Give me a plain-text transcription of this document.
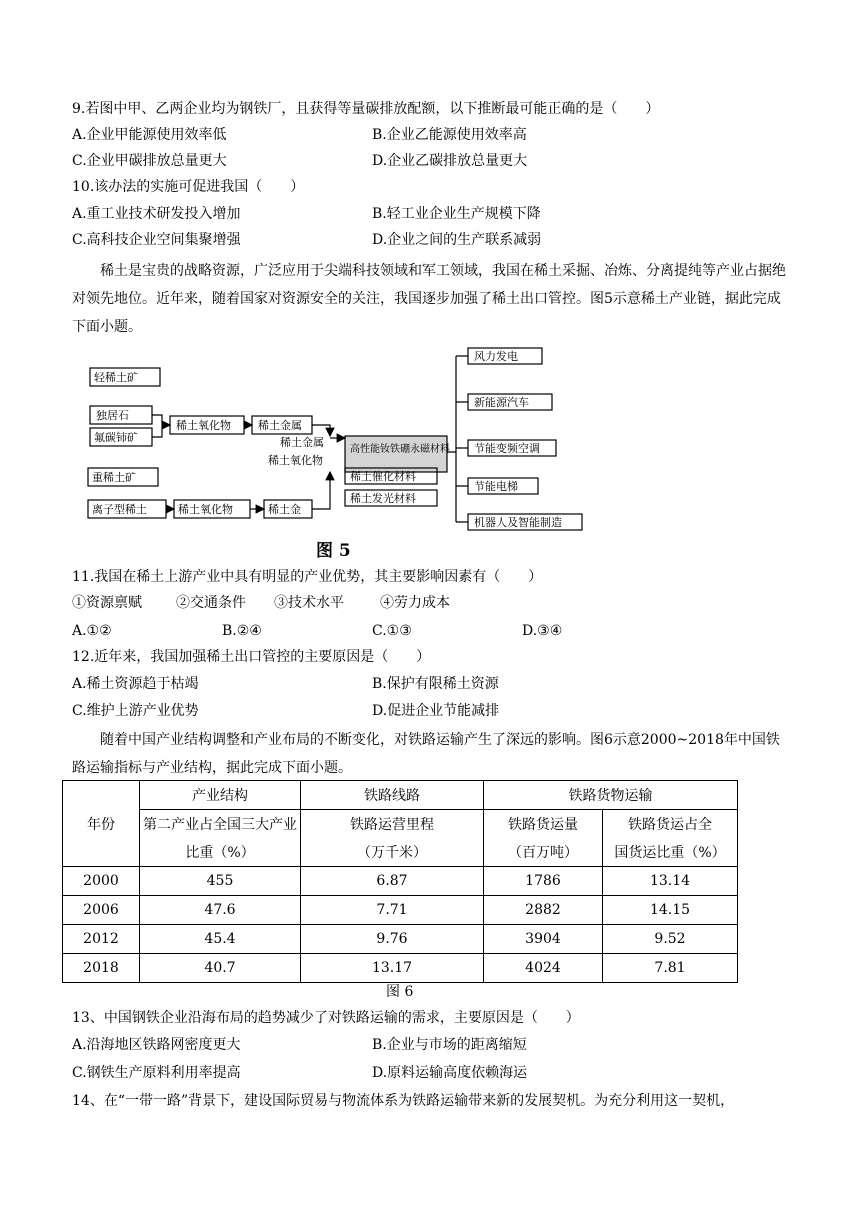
9.若图中甲、乙两企业均为钢铁厂，且获得等量碳排放配额，以下推断最可能正确的是（　　）
A.企业甲能源使用效率低	B.企业乙能源使用效率高
C.企业甲碳排放总量更大	D.企业乙碳排放总量更大
10.该办法的实施可促进我国（　　）
A.重工业技术研发投入增加	B.轻工业企业生产规模下降
C.高科技企业空间集聚增强	D.企业之间的生产联系减弱
稀土是宝贵的战略资源，广泛应用于尖端科技领域和军工领域，我国在稀土采掘、冶炼、分离提纯等产业占据绝对领先地位。近年来，随着国家对资源安全的关注，我国逐步加强了稀土出口管控。图5示意稀土产业链，据此完成下面小题。
轻稀土矿
独居石
氟碳铈矿
稀土氧化物 稀土金属
稀土金属
稀土氧化物
高性能钕铁硼永磁材料
稀土催化材料
稀土发光材料
重稀土矿
离子型稀土	稀土氧化物	稀土金
风力发电
新能源汽车
节能变频空调
节能电梯
机器人及智能制造
图 5
11.我国在稀土上游产业中具有明显的产业优势，其主要影响因素有（　　）
①资源禀赋 ②交通条件 ③技术水平	④劳力成本
A.①②	B.②④	C.①③	D.③④
12.近年来，我国加强稀土出口管控的主要原因是（　　）
A.稀土资源趋于枯竭	B.保护有限稀土资源
C.维护上游产业优势	D.促进企业节能减排
随着中国产业结构调整和产业布局的不断变化，对铁路运输产生了深远的影响。图6示意2000~2018年中国铁路运输指标与产业结构，据此完成下面小题。
年份	产业结构	铁路线路	铁路货物运输	
	第二产业占全国三大产业	铁路运营里程	铁路货运量	铁路货运占全
	比重（%）	（万千米）	（百万吨）	国货运比重（%）
2000	455	6.87	1786	13.14
2006	47.6	7.71	2882	14.15
2012	45.4	9.76	3904	9.52
2018	40.7	13.17	4024	7.81
图 6
13、中国钢铁企业沿海布局的趋势减少了对铁路运输的需求，主要原因是（　　）
A.沿海地区铁路网密度更大	B.企业与市场的距离缩短
C.钢铁生产原料利用率提高	D.原料运输高度依赖海运
14、在“一带一路”背景下，建设国际贸易与物流体系为铁路运输带来新的发展契机。为充分利用这一契机，
